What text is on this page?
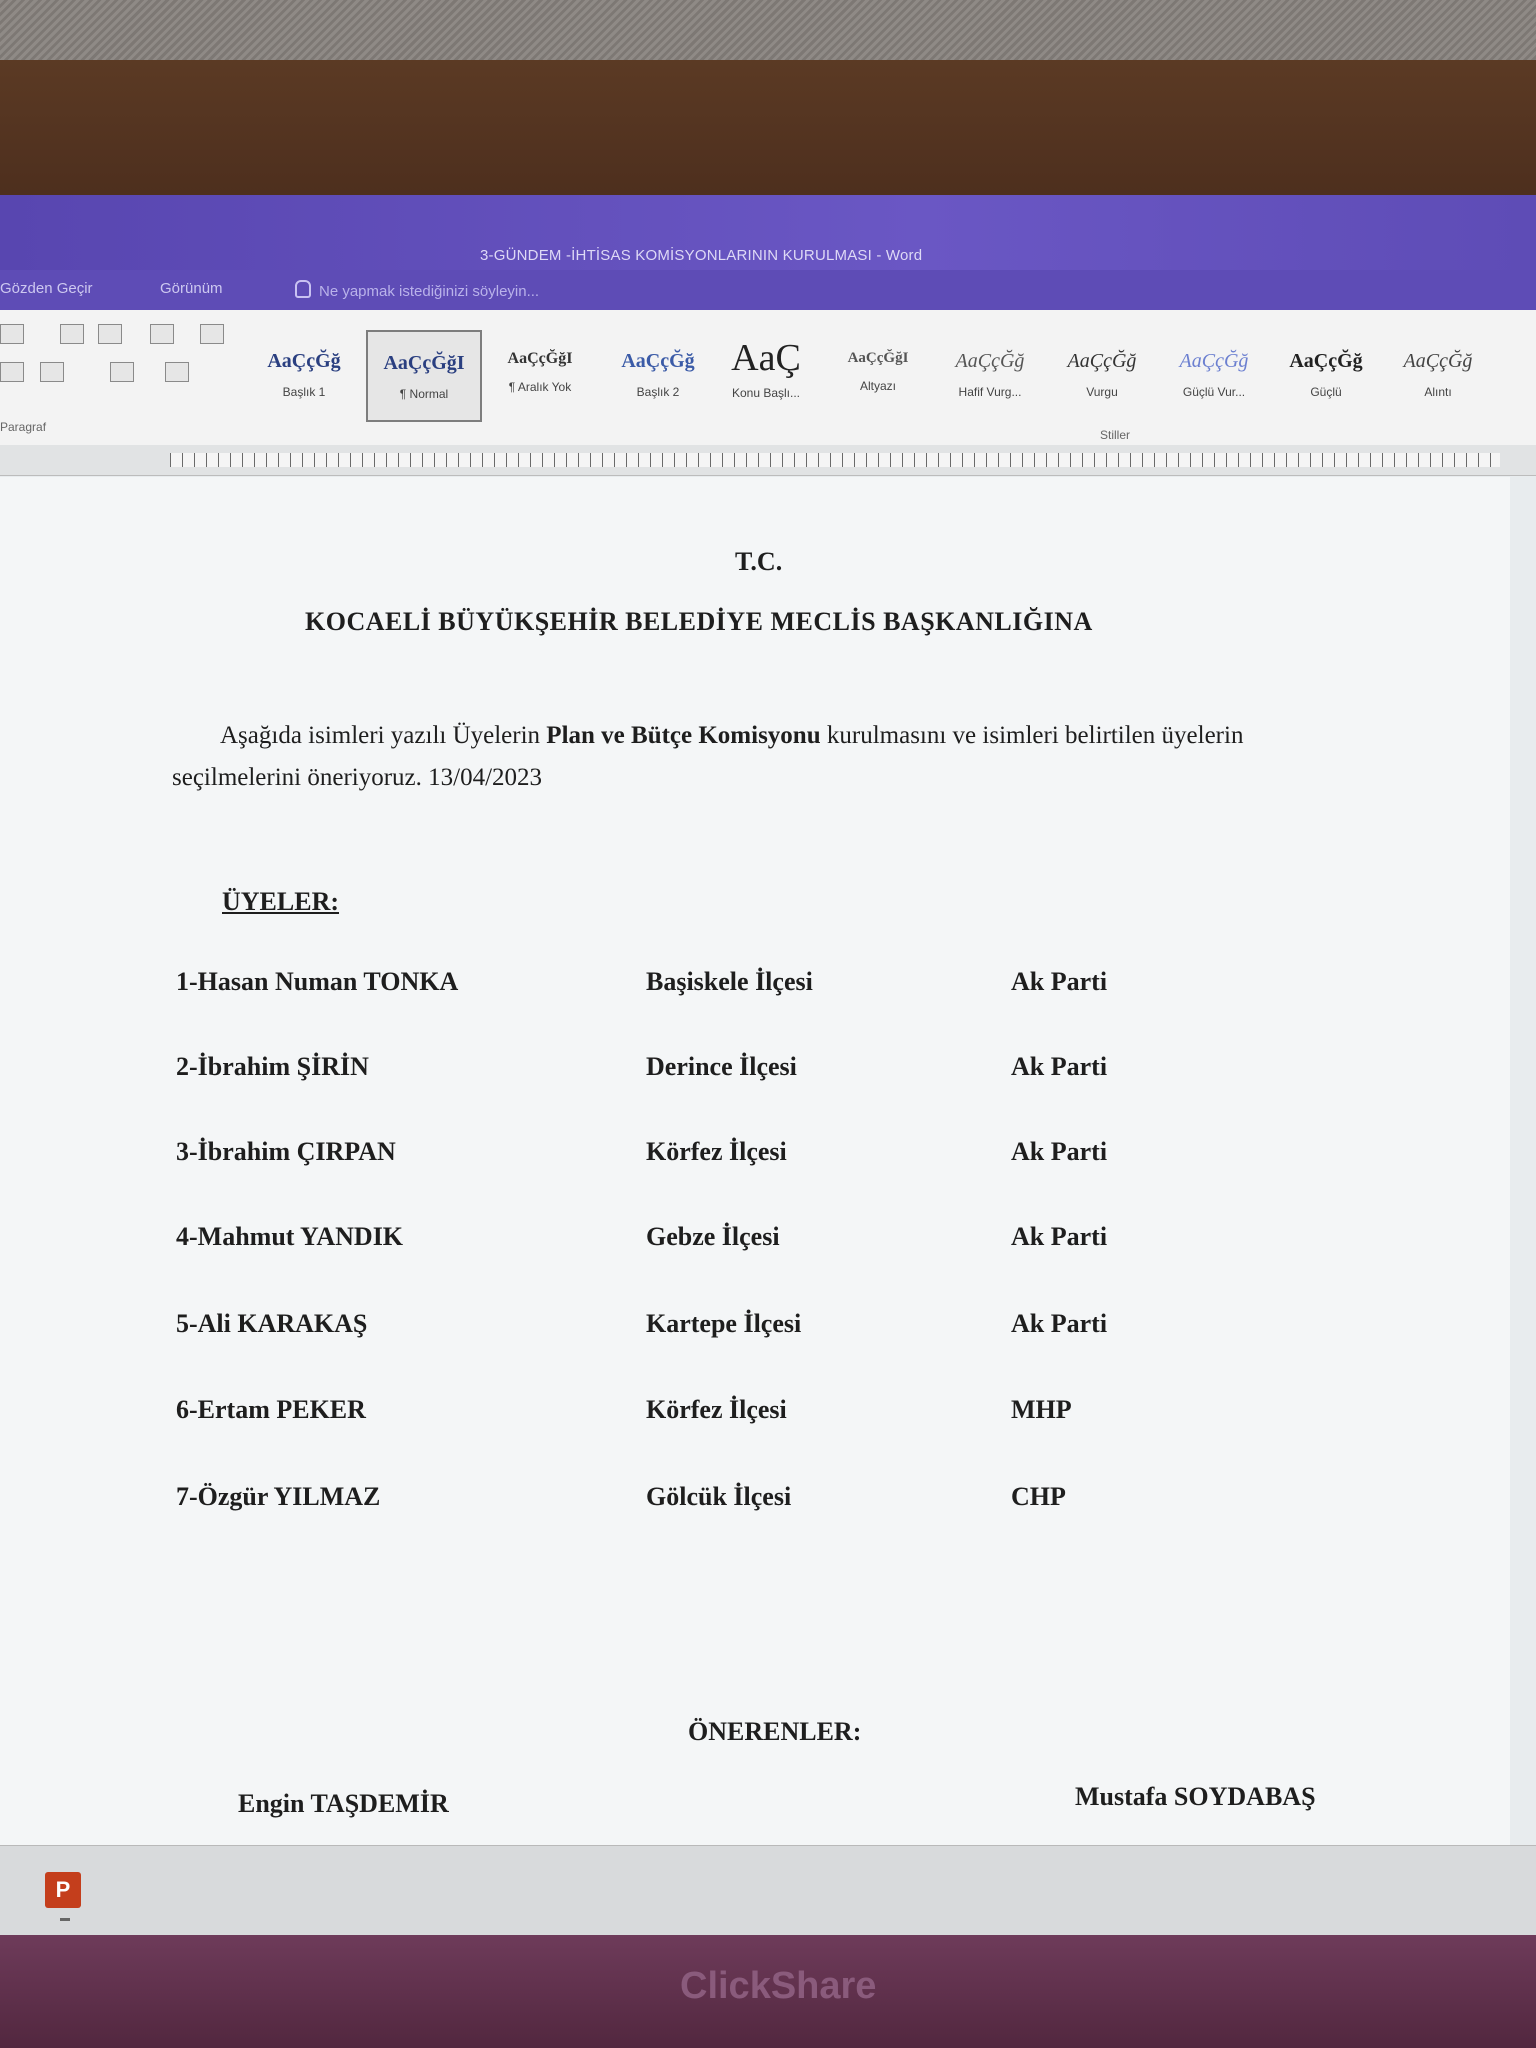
3-GÜNDEM -İHTİSAS KOMİSYONLARININ KURULMASI - Word
Gözden Geçir	Görünüm	Ne yapmak istediğinizi söyleyin...
Paragraf
AaÇçĞğ
Başlık 1
AaÇçĞğI
¶ Normal
AaÇçĞğI
¶ Aralık Yok
AaÇçĞğ
Başlık 2
AaÇ
Konu Başlı...
AaÇçĞğI
Altyazı
AaÇçĞğ
Hafif Vurg...
AaÇçĞğ
Vurgu
AaÇçĞğ
Güçlü Vur...
AaÇçĞğ
Güçlü
AaÇçĞğ
Alıntı
Stiller
T.C.
KOCAELİ BÜYÜKŞEHİR BELEDİYE MECLİS BAŞKANLIĞINA
Aşağıda isimleri yazılı Üyelerin Plan ve Bütçe Komisyonu kurulmasını ve isimleri belirtilen üyelerin seçilmelerini öneriyoruz. 13/04/2023
ÜYELER:
1-Hasan Numan TONKA	Başiskele İlçesi	Ak Parti
2-İbrahim ŞİRİN	Derince İlçesi	Ak Parti
3-İbrahim ÇIRPAN	Körfez İlçesi	Ak Parti
4-Mahmut YANDIK	Gebze İlçesi	Ak Parti
5-Ali KARAKAŞ	Kartepe İlçesi	Ak Parti
6-Ertam PEKER	Körfez İlçesi	MHP
7-Özgür YILMAZ	Gölcük İlçesi	CHP
ÖNERENLER:
Engin TAŞDEMİR	Mustafa SOYDABAŞ
P
ClickShare
